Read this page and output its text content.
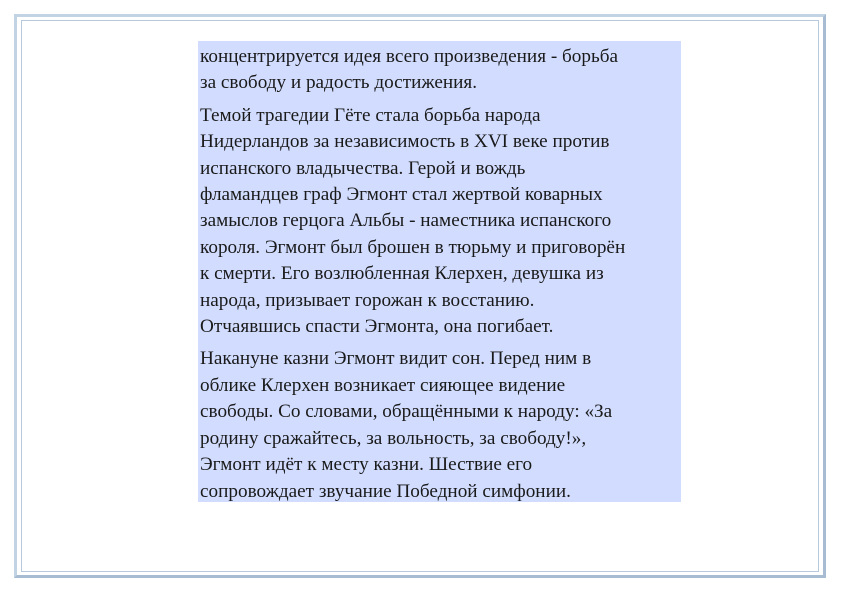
концентрируется идея всего произведения - борьба
за свободу и радость достижения.

Темой трагедии Гёте стала борьба народа
Нидерландов за независимость в XVI веке против
испанского владычества. Герой и вождь
фламандцев граф Эгмонт стал жертвой коварных
замыслов герцога Альбы - наместника испанского
короля. Эгмонт был брошен в тюрьму и приговорён
к смерти. Его возлюбленная Клерхен, девушка из
народа, призывает горожан к восстанию.
Отчаявшись спасти Эгмонта, она погибает.

Накануне казни Эгмонт видит сон. Перед ним в
облике Клерхен возникает сияющее видение
свободы. Со словами, обращёнными к народу: «За
родину сражайтесь, за вольность, за свободу!»,
Эгмонт идёт к месту казни. Шествие его
сопровождает звучание Победной симфонии.
